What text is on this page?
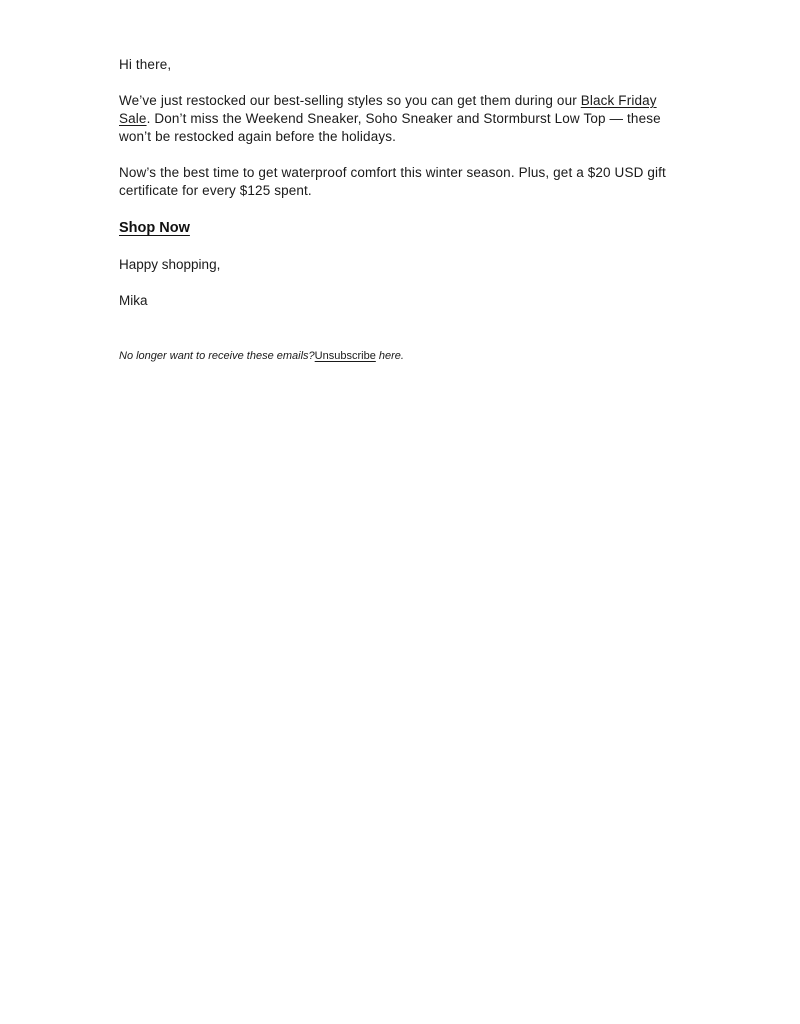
Hi there,

We’ve just restocked our best-selling styles so you can get them during our Black Friday Sale. Don’t miss the Weekend Sneaker, Soho Sneaker and Stormburst Low Top — these won’t be restocked again before the holidays.

Now’s the best time to get waterproof comfort this winter season. Plus, get a $20 USD gift certificate for every $125 spent.

Shop Now

Happy shopping,

Mika

No longer want to receive these emails?Unsubscribe here.
